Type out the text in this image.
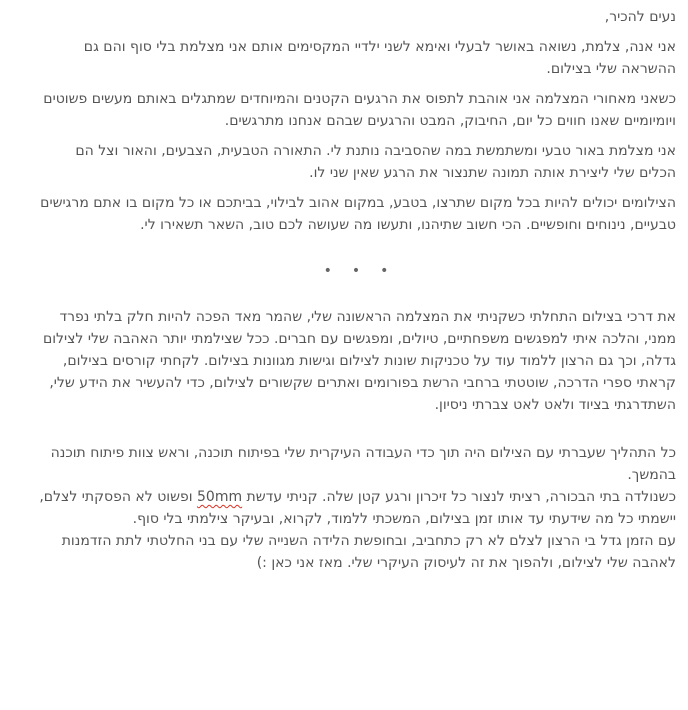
נעים להכיר,

אני אנה, צלמת, נשואה באושר לבעלי ואימא לשני ילדיי המקסימים אותם אני מצלמת בלי סוף והם גם ההשראה שלי בצילום.

כשאני מאחורי המצלמה אני אוהבת לתפוס את הרגעים הקטנים והמיוחדים שמתגלים באותם מעשים פשוטים ויומיומיים שאנו חווים כל יום, החיבוק, המבט והרגעים שבהם אנחנו מתרגשים.

אני מצלמת באור טבעי ומשתמשת במה שהסביבה נותנת לי. התאורה הטבעית, הצבעים, והאור וצל הם הכלים שלי ליצירת אותה תמונה שתנצור את הרגע שאין שני לו.

הצילומים יכולים להיות בכל מקום שתרצו, בטבע, במקום אהוב לבילוי, בביתכם או כל מקום בו אתם מרגישים טבעיים, נינוחים וחופשיים. הכי חשוב שתיהנו, ותעשו מה שעושה לכם טוב, השאר תשאירו לי.

• • •

את דרכי בצילום התחלתי כשקניתי את המצלמה הראשונה שלי, שהמר מאד הפכה להיות חלק בלתי נפרד ממני, והלכה איתי למפגשים משפחתיים, טיולים, ומפגשים עם חברים. ככל שצילמתי יותר האהבה שלי לצילום גדלה, וכך גם הרצון ללמוד עוד על טכניקות שונות לצילום וגישות מגוונות בצילום. לקחתי קורסים בצילום, קראתי ספרי הדרכה, שוטטתי ברחבי הרשת בפורומים ואתרים שקשורים לצילום, כדי להעשיר את הידע שלי, השתדרגתי בציוד ולאט לאט צברתי ניסיון.

כל התהליך שעברתי עם הצילום היה תוך כדי העבודה העיקרית שלי בפיתוח תוכנה, וראש צוות פיתוח תוכנה בהמשך.
כשנולדה בתי הבכורה, רציתי לנצור כל זיכרון ורגע קטן שלה. קניתי עדשת 50mm ופשוט לא הפסקתי לצלם, יישמתי כל מה שידעתי עד אותו זמן בצילום, המשכתי ללמוד, לקרוא, ובעיקר צילמתי בלי סוף.
עם הזמן גדל בי הרצון לצלם לא רק כתחביב, ובחופשת הלידה השנייה שלי עם בני החלטתי לתת הזדמנות לאהבה שלי לצילום, ולהפוך את זה לעיסוק העיקרי שלי. מאז אני כאן :)
